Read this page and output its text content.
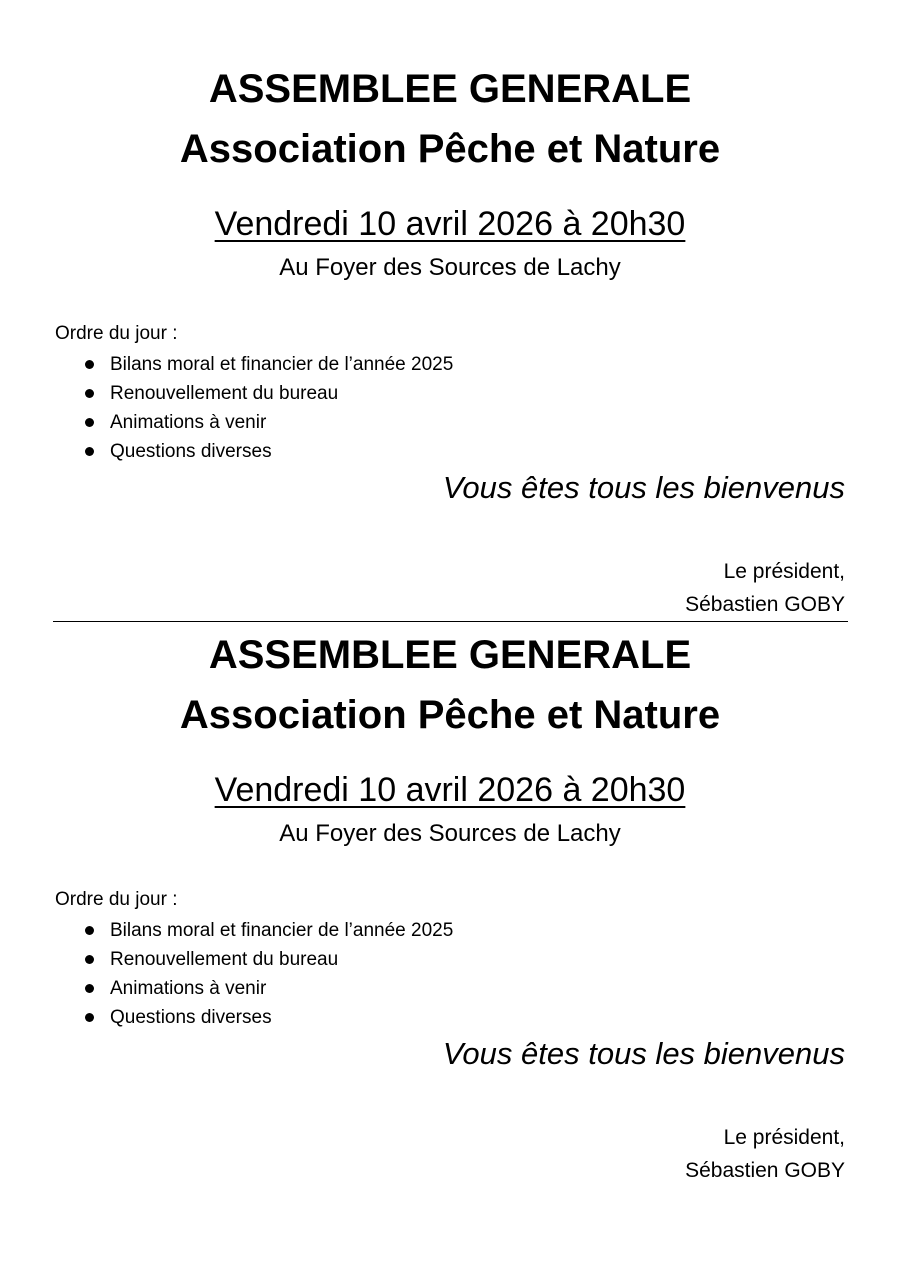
ASSEMBLEE GENERALE
Association Pêche et Nature
Vendredi 10 avril 2026 à 20h30
Au Foyer des Sources de Lachy
Ordre du jour :
Bilans moral et financier de l’année 2025
Renouvellement du bureau
Animations à venir
Questions diverses
Vous êtes tous les bienvenus
Le président,
Sébastien GOBY
ASSEMBLEE GENERALE
Association Pêche et Nature
Vendredi 10 avril 2026 à 20h30
Au Foyer des Sources de Lachy
Ordre du jour :
Bilans moral et financier de l’année 2025
Renouvellement du bureau
Animations à venir
Questions diverses
Vous êtes tous les bienvenus
Le président,
Sébastien GOBY
